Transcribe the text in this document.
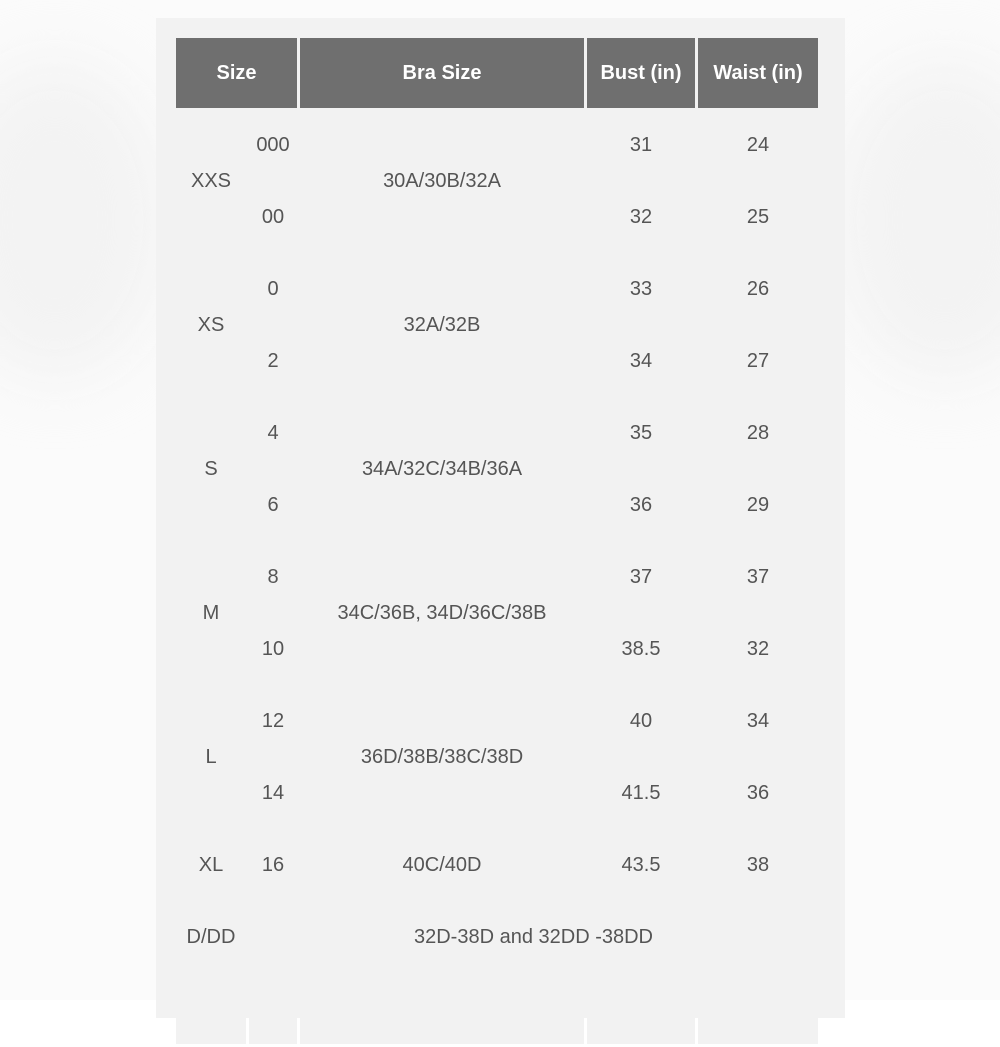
Size		Bra Size	Bust (in)	Waist (in)
XXS	000	30A/30B/32A	31	24
	00		32	25
XS	0	32A/32B	33	26
	2		34	27
S	4	34A/32C/34B/36A	35	28
	6		36	29
M	8	34C/36B, 34D/36C/38B	37	37
	10		38.5	32
L	12	36D/38B/38C/38D	40	34
	14		41.5	36
XL	16	40C/40D	43.5	38
D/DD	32D-38D and 32DD -38DD			
